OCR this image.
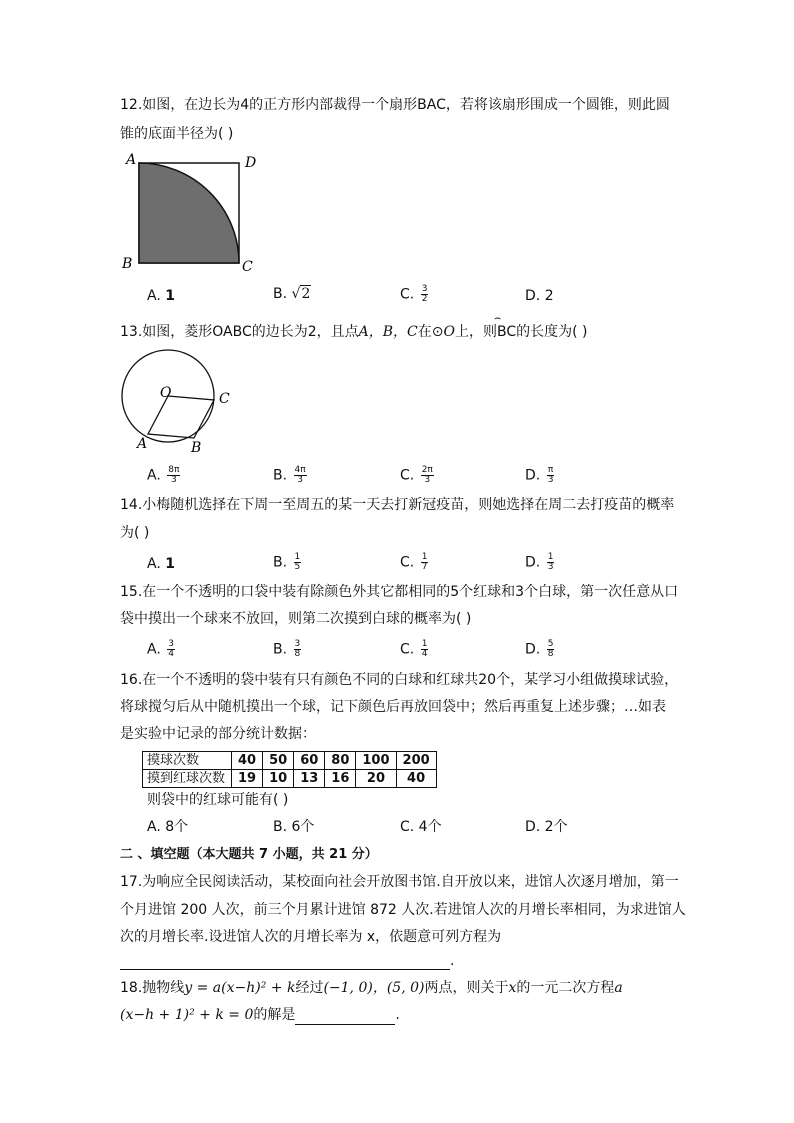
12.如图，在边长为4的正方形内部裁得一个扇形BAC，若将该扇形围成一个圆锥，则此圆
锥的底面半径为( )
A	D
B	C
A. 1	B. √2	C. $\frac{3}{2}$	D. 2
⌢
13.如图，菱形OABC的边长为2，且点A，B，C在⊙O上，则BC的长度为( )
O	C
A	B
A. $\frac{8\pi}{3}$	B. $\frac{4\pi}{3}$	C. $\frac{2\pi}{3}$	D. $\frac{\pi}{3}$
14.小梅随机选择在下周一至周五的某一天去打新冠疫苗，则她选择在周二去打疫苗的概率
为( )
A. 1	B. $\frac{1}{5}$	C. $\frac{1}{7}$	D. $\frac{1}{3}$
15.在一个不透明的口袋中装有除颜色外其它都相同的5个红球和3个白球，第一次任意从口
袋中摸出一个球来不放回，则第二次摸到白球的概率为( )
A. $\frac{3}{4}$	B. $\frac{3}{8}$	C. $\frac{1}{4}$	D. $\frac{5}{8}$
16.在一个不透明的袋中装有只有颜色不同的白球和红球共20个，某学习小组做摸球试验，
将球搅匀后从中随机摸出一个球，记下颜色后再放回袋中；然后再重复上述步骤；…如表
是实验中记录的部分统计数据：
摸球次数	40	50	60	80	100	200
摸到红球次数	19	10	13	16	20	40
则袋中的红球可能有( )
A. 8个	B. 6个	C. 4个	D. 2个
二 、填空题（本大题共 7 小题，共 21 分）
17.为响应全民阅读活动，某校面向社会开放图书馆.自开放以来，进馆人次逐月增加，第一
个月进馆 200 人次，前三个月累计进馆 872 人次.若进馆人次的月增长率相同，为求进馆人
次的月增长率.设进馆人次的月增长率为 x，依题意可列方程为
.
18.抛物线y = a(x−h)² + k经过(−1, 0)，(5, 0)两点，则关于x的一元二次方程a
(x−h + 1)² + k = 0的解是	.
